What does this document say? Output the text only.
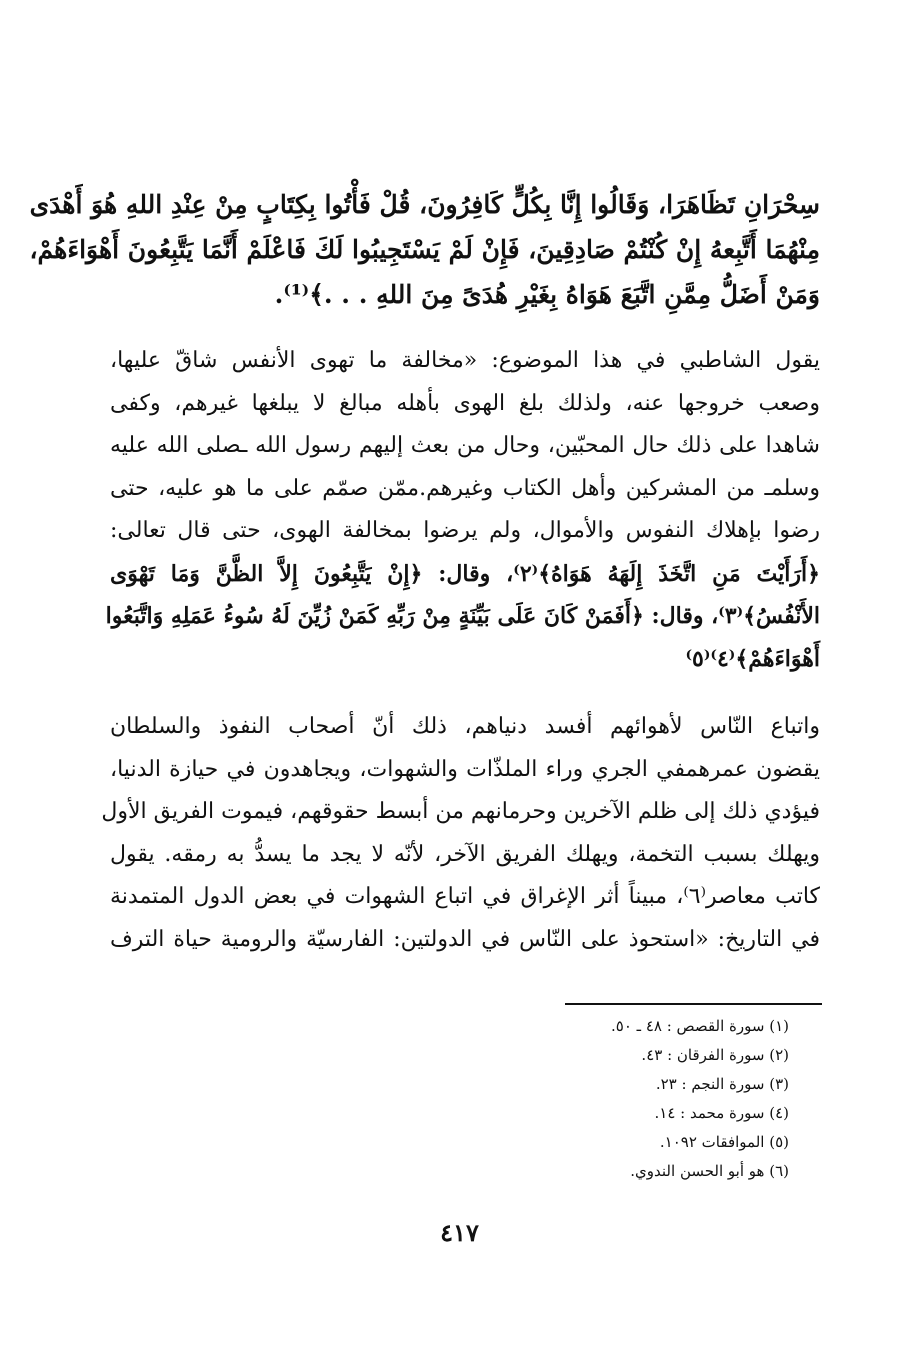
سِحْرَانِ تَظَاهَرَا، وَقَالُوا إِنَّا بِكُلٍّ كَافِرُونَ، قُلْ فَأْتُوا بِكِتَابٍ مِنْ عِنْدِ اللهِ هُوَ أَهْدَى
مِنْهُمَا أَتَّبِعهُ إِنْ كُنْتُمْ صَادِقِينَ، فَإِنْ لَمْ يَسْتَجِيبُوا لَكَ فَاعْلَمْ أَنَّمَا يَتَّبِعُونَ أَهْوَاءَهُمْ،
وَمَنْ أَضَلُّ مِمَّنِ اتَّبَعَ هَوَاهُ بِغَيْرِ هُدَىً مِنَ اللهِ . . .﴾⁽¹⁾.
يقول الشاطبي في هذا الموضوع: «مخالفة ما تهوى الأنفس شاقّ عليها،
وصعب خروجها عنه، ولذلك بلغ الهوى بأهله مبالغ لا يبلغها غيرهم، وكفى
شاهدا على ذلك حال المحبّين، وحال من بعث إليهم رسول الله ـصلى الله عليه
وسلمـ من المشركين وأهل الكتاب وغيرهم.ممّن صمّم على ما هو عليه، حتى
رضوا بإهلاك النفوس والأموال، ولم يرضوا بمخالفة الهوى، حتى قال تعالى:
﴿أَرَأَيْتَ مَنِ اتَّخَذَ إِلَهَهُ هَوَاهُ﴾⁽٢⁾، وقال: ﴿إِنْ يَتَّبِعُونَ إِلاَّ الظَّنَّ وَمَا تَهْوَى
الأَنْفُسُ﴾⁽٣⁾، وقال: ﴿أَفَمَنْ كَانَ عَلَى بَيِّنَةٍ مِنْ رَبِّهِ كَمَنْ زُيِّنَ لَهُ سُوءُ عَمَلِهِ وَاتَّبَعُوا
أَهْوَاءَهُمْ﴾⁽٤⁾⁽٥⁾
واتباع النّاس لأهوائهم أفسد دنياهم، ذلك أنّ أصحاب النفوذ والسلطان
يقضون عمرهمفي الجري وراء الملذّات والشهوات، ويجاهدون في حيازة الدنيا،
فيؤدي ذلك إلى ظلم الآخرين وحرمانهم من أبسط حقوقهم، فيموت الفريق الأول
ويهلك بسبب التخمة، ويهلك الفريق الآخر، لأنّه لا يجد ما يسدُّ به رمقه. يقول
كاتب معاصر⁽٦⁾، مبيناً أثر الإغراق في اتباع الشهوات في بعض الدول المتمدنة
في التاريخ: «استحوذ على النّاس في الدولتين: الفارسيّة والرومية حياة الترف
(١) سورة القصص : ٤٨ ـ ٥٠.
(٢) سورة الفرقان : ٤٣.
(٣) سورة النجم : ٢٣.
(٤) سورة محمد : ١٤.
(٥) الموافقات ١٠٩٢.
(٦) هو أبو الحسن الندوي.
٤١٧
